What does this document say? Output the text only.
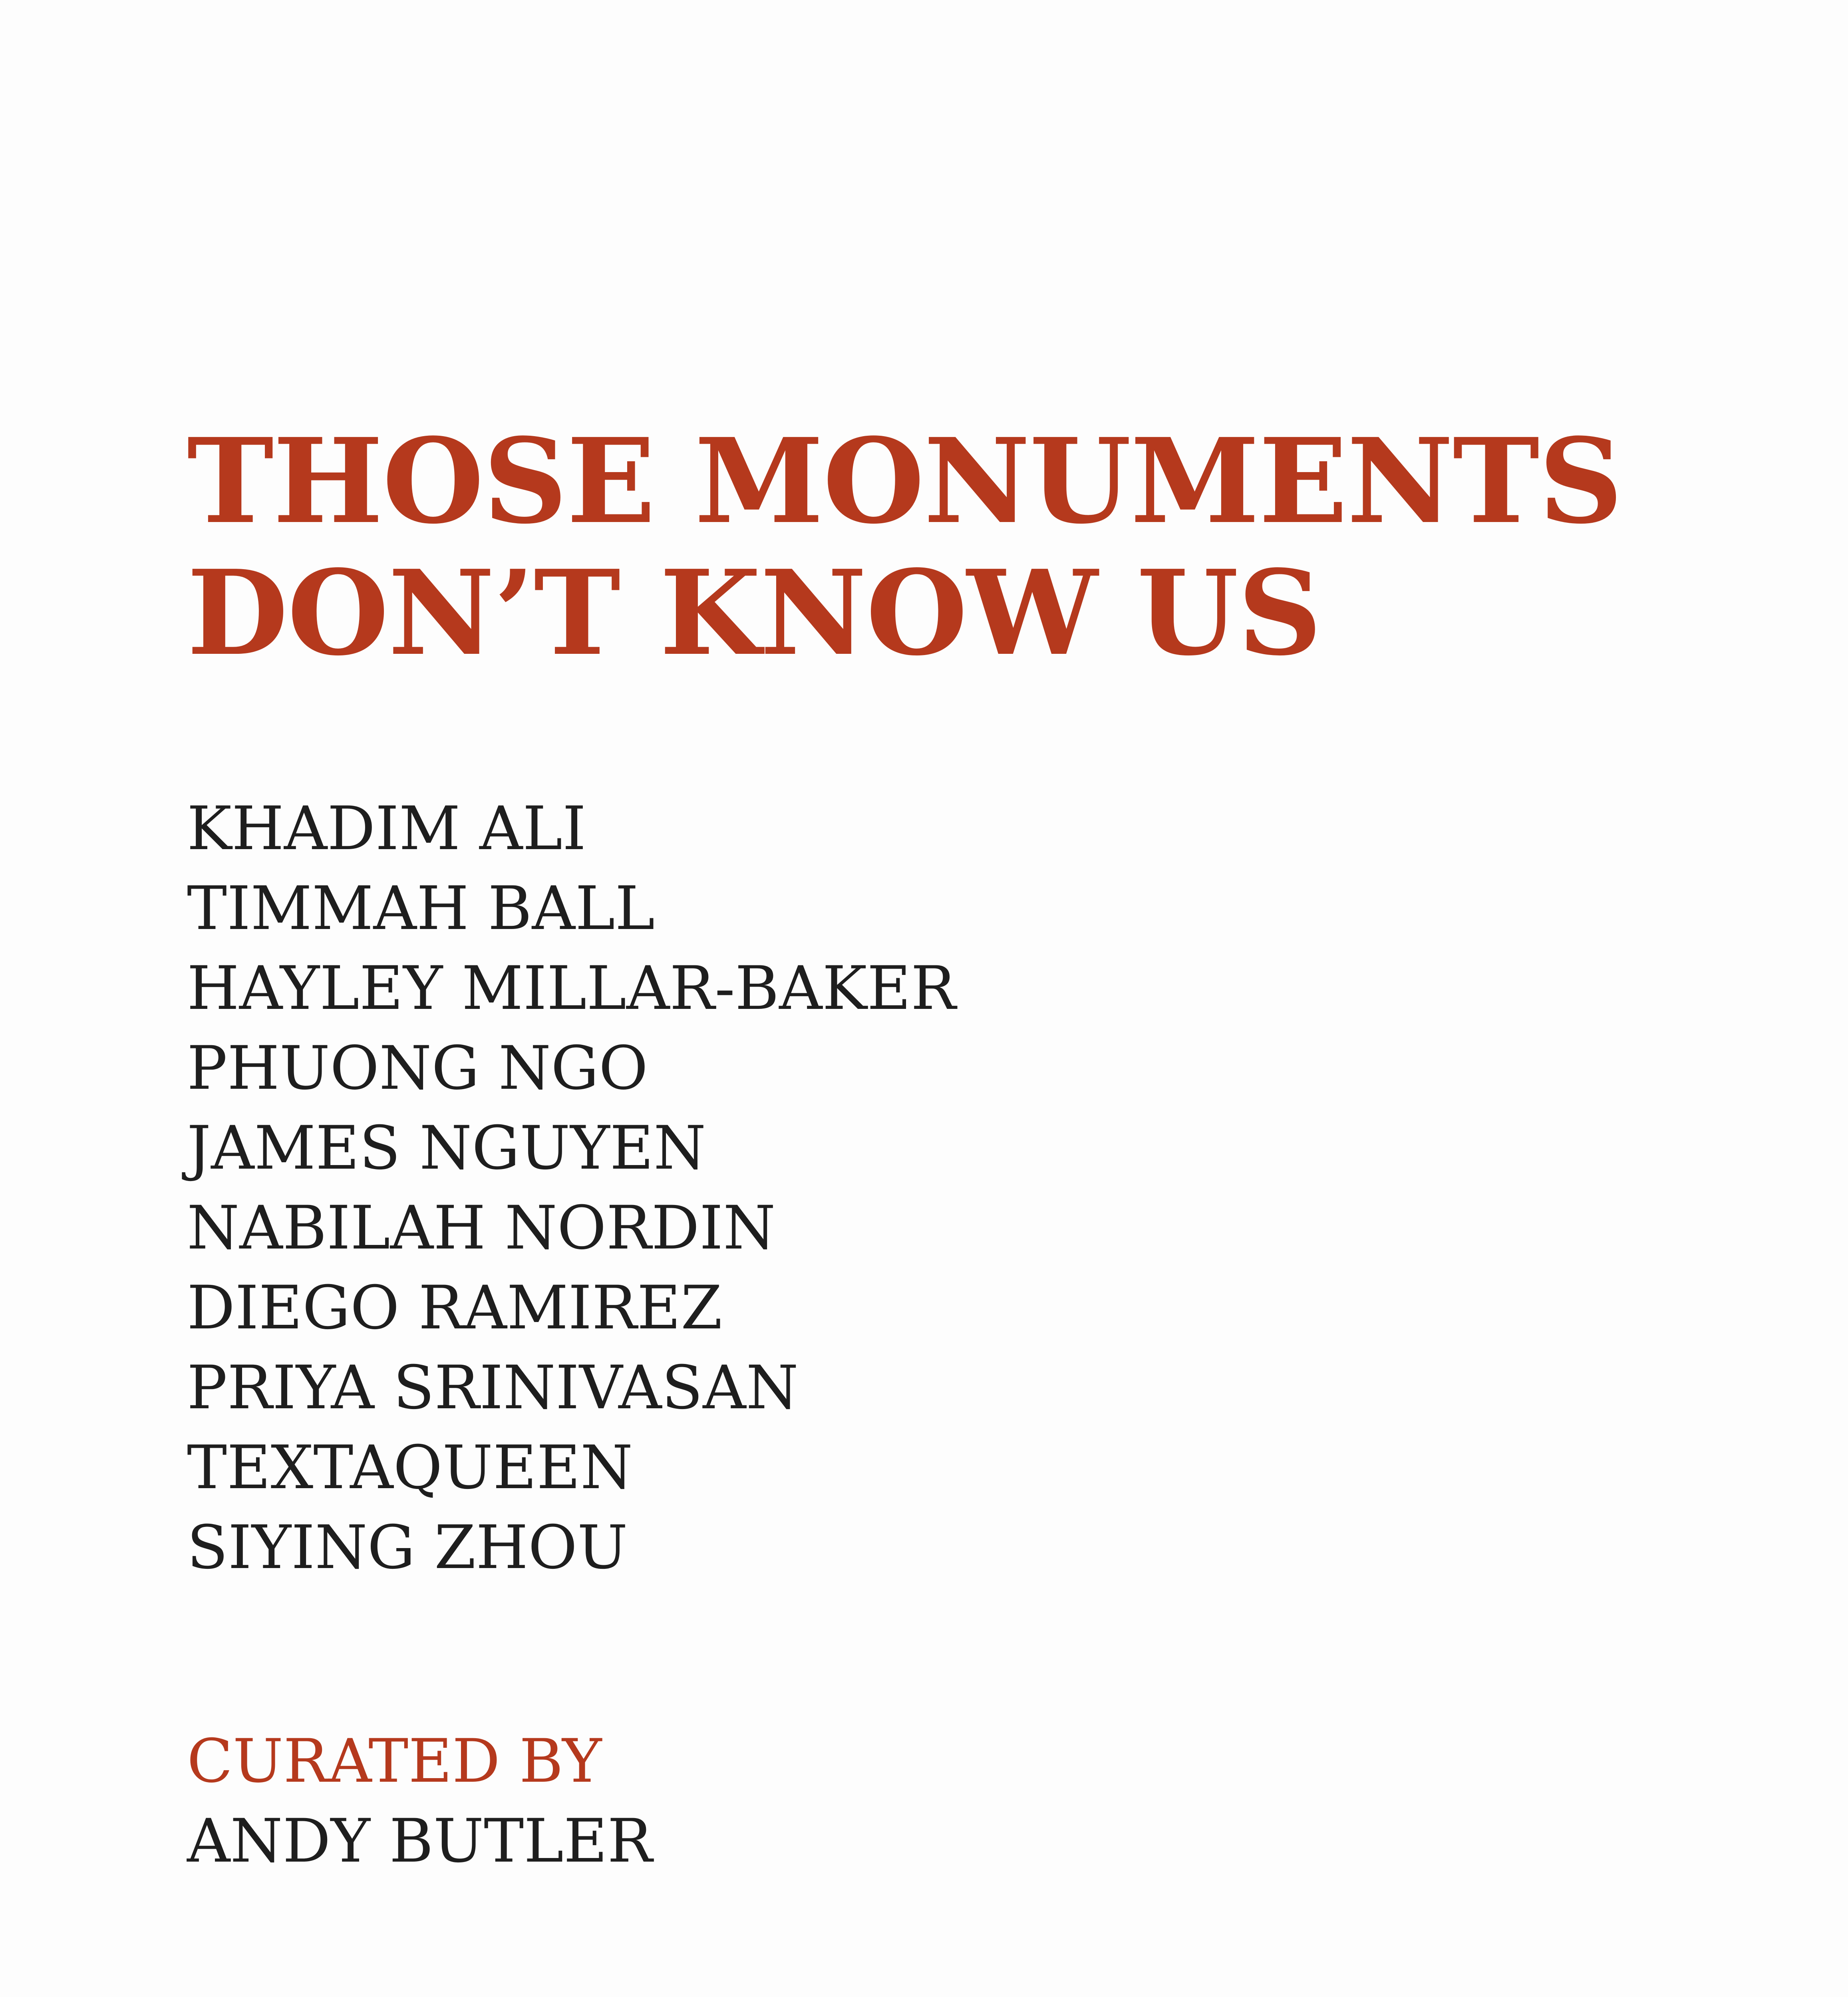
THOSE MONUMENTS
DON’T KNOW US
KHADIM ALI
TIMMAH BALL
HAYLEY MILLAR-BAKER
PHUONG NGO
JAMES NGUYEN
NABILAH NORDIN
DIEGO RAMIREZ
PRIYA SRINIVASAN
TEXTAQUEEN
SIYING ZHOU
CURATED BY
ANDY BUTLER
